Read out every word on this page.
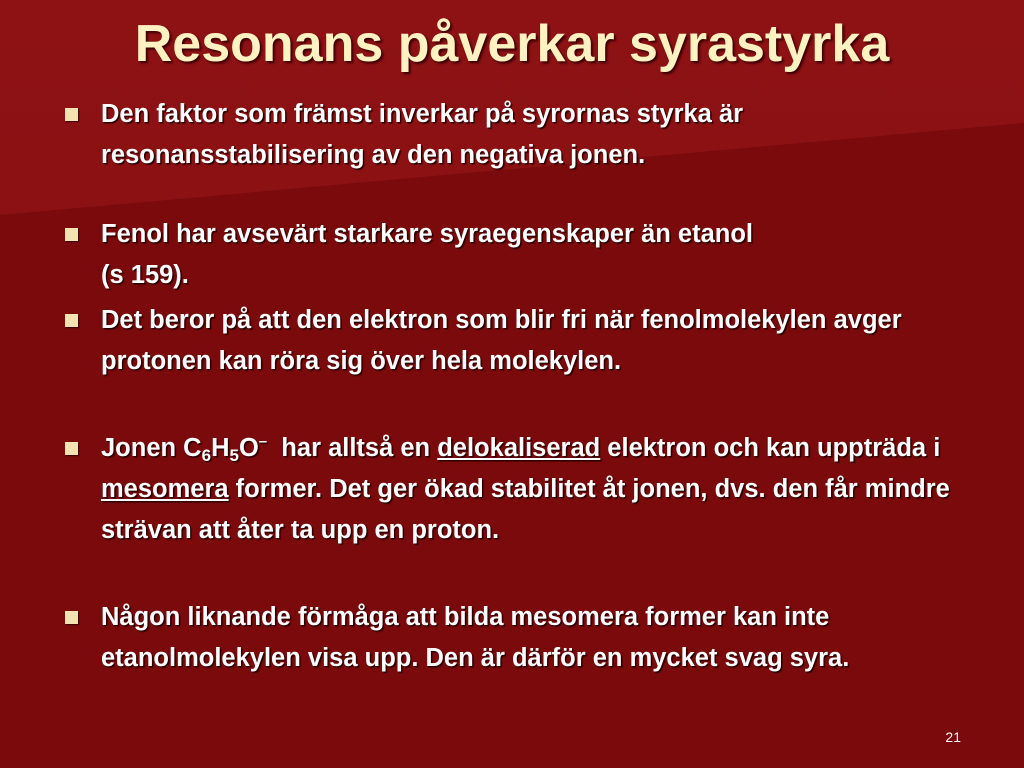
Resonans påverkar syrastyrka
Den faktor som främst inverkar på syrornas styrka är resonansstabilisering av den negativa jonen.
Fenol har avsevärt starkare syraegenskaper än etanol
(s 159).
Det beror på att den elektron som blir fri när fenolmolekylen avger protonen kan röra sig över hela molekylen.
Jonen $C_6H_5O^-$  har alltså en delokaliserad elektron och kan uppträda i mesomera former. Det ger ökad stabilitet åt jonen, dvs. den får mindre strävan att åter ta upp en proton.
Någon liknande förmåga att bilda mesomera former kan inte etanolmolekylen visa upp. Den är därför en mycket svag syra.
21
